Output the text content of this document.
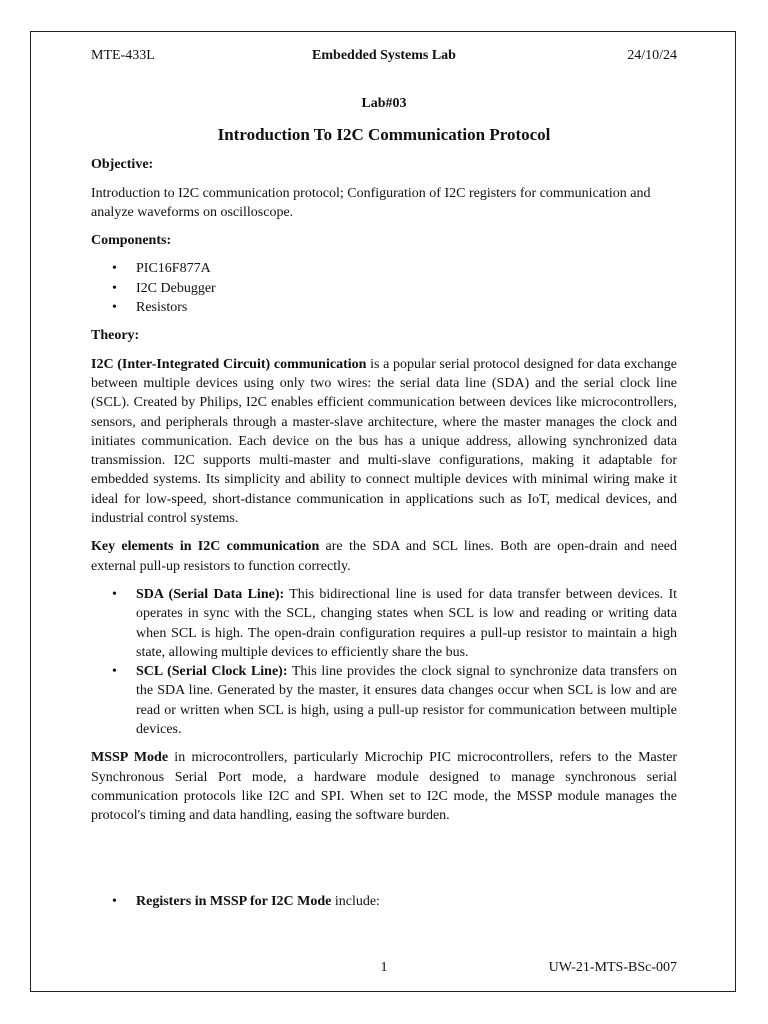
MTE-433L	Embedded Systems Lab	24/10/24
Lab#03
Introduction To I2C Communication Protocol
Objective:

Introduction to I2C communication protocol; Configuration of I2C registers for communication and analyze waveforms on oscilloscope.

Components:
• PIC16F877A
• I2C Debugger
• Resistors
Theory:

I2C (Inter-Integrated Circuit) communication is a popular serial protocol designed for data exchange between multiple devices using only two wires: the serial data line (SDA) and the serial clock line (SCL). Created by Philips, I2C enables efficient communication between devices like microcontrollers, sensors, and peripherals through a master-slave architecture, where the master manages the clock and initiates communication. Each device on the bus has a unique address, allowing synchronized data transmission. I2C supports multi-master and multi-slave configurations, making it adaptable for embedded systems. Its simplicity and ability to connect multiple devices with minimal wiring make it ideal for low-speed, short-distance communication in applications such as IoT, medical devices, and industrial control systems.

Key elements in I2C communication are the SDA and SCL lines. Both are open-drain and need external pull-up resistors to function correctly.

• SDA (Serial Data Line): This bidirectional line is used for data transfer between devices. It operates in sync with the SCL, changing states when SCL is low and reading or writing data when SCL is high. The open-drain configuration requires a pull-up resistor to maintain a high state, allowing multiple devices to efficiently share the bus.
• SCL (Serial Clock Line): This line provides the clock signal to synchronize data transfers on the SDA line. Generated by the master, it ensures data changes occur when SCL is low and are read or written when SCL is high, using a pull-up resistor for communication between multiple devices.

MSSP Mode in microcontrollers, particularly Microchip PIC microcontrollers, refers to the Master Synchronous Serial Port mode, a hardware module designed to manage synchronous serial communication protocols like I2C and SPI. When set to I2C mode, the MSSP module manages the protocol's timing and data handling, easing the software burden.

• Registers in MSSP for I2C Mode include:
1	UW-21-MTS-BSc-007
